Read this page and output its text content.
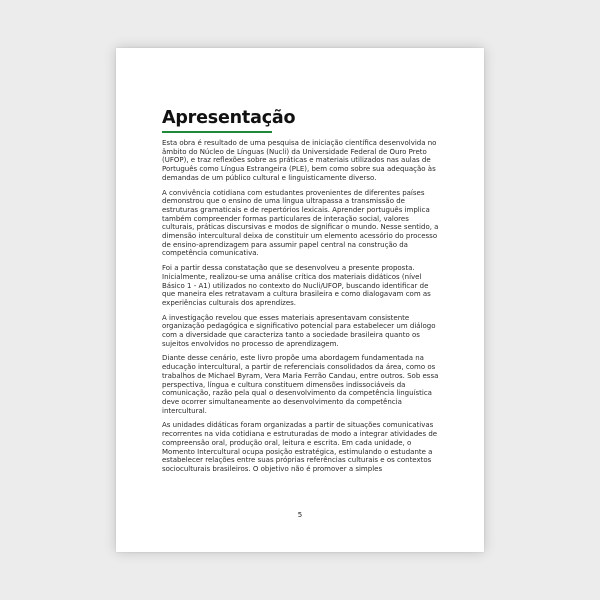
Apresentação

Esta obra é resultado de uma pesquisa de iniciação científica desenvolvida no âmbito do Núcleo de Línguas (Nucli) da Universidade Federal de Ouro Preto (UFOP), e traz reflexões sobre as práticas e materiais utilizados nas aulas de Português como Língua Estrangeira (PLE), bem como sobre sua adequação às demandas de um público cultural e linguisticamente diverso.

A convivência cotidiana com estudantes provenientes de diferentes países demonstrou que o ensino de uma língua ultrapassa a transmissão de estruturas gramaticais e de repertórios lexicais. Aprender português implica também compreender formas particulares de interação social, valores culturais, práticas discursivas e modos de significar o mundo. Nesse sentido, a dimensão intercultural deixa de constituir um elemento acessório do processo de ensino-aprendizagem para assumir papel central na construção da competência comunicativa.

Foi a partir dessa constatação que se desenvolveu a presente proposta. Inicialmente, realizou-se uma análise crítica dos materiais didáticos (nível Básico 1 - A1) utilizados no contexto do Nucli/UFOP, buscando identificar de que maneira eles retratavam a cultura brasileira e como dialogavam com as experiências culturais dos aprendizes.

A investigação revelou que esses materiais apresentavam consistente organização pedagógica e significativo potencial para estabelecer um diálogo com a diversidade que caracteriza tanto a sociedade brasileira quanto os sujeitos envolvidos no processo de aprendizagem.

Diante desse cenário, este livro propõe uma abordagem fundamentada na educação intercultural, a partir de referenciais consolidados da área, como os trabalhos de Michael Byram, Vera Maria Ferrão Candau, entre outros. Sob essa perspectiva, língua e cultura constituem dimensões indissociáveis da comunicação, razão pela qual o desenvolvimento da competência linguística deve ocorrer simultaneamente ao desenvolvimento da competência intercultural.

As unidades didáticas foram organizadas a partir de situações comunicativas recorrentes na vida cotidiana e estruturadas de modo a integrar atividades de compreensão oral, produção oral, leitura e escrita. Em cada unidade, o Momento Intercultural ocupa posição estratégica, estimulando o estudante a estabelecer relações entre suas próprias referências culturais e os contextos socioculturais brasileiros. O objetivo não é promover a simples

5
